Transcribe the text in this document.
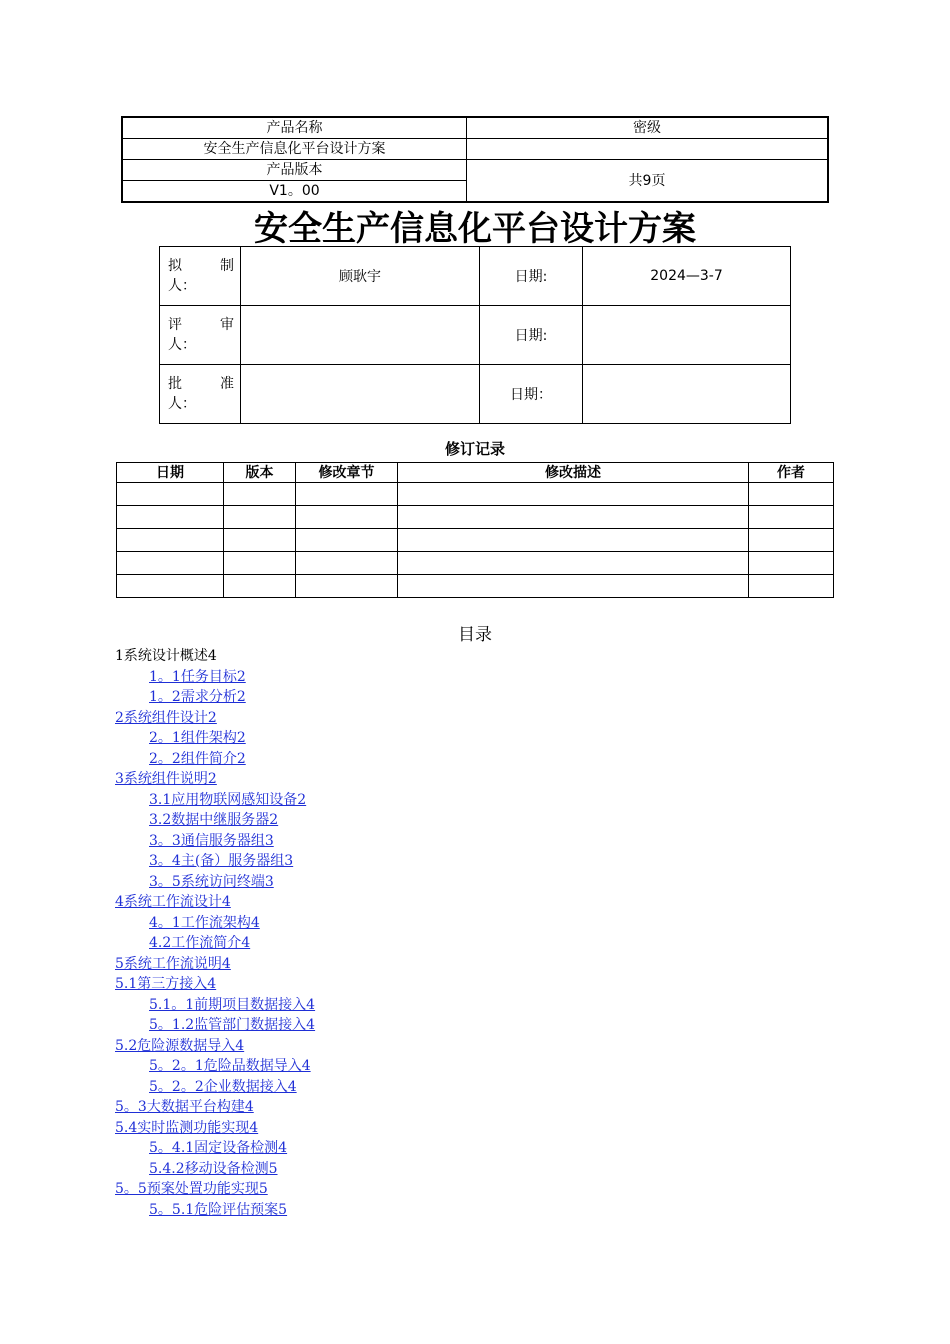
产品名称	密级
安全生产信息化平台设计方案	
产品版本	共9页
V1。00	
安全生产信息化平台设计方案
拟　　制

人：	顾耿宇	日期:	2024—3-7
评　　审

人：		日期:	
批　　准

人：		日期：	
修订记录
日期	版本	修改章节	修改描述	作者

目录
1系统设计概述4
1。1任务目标2
1。2需求分析2
2系统组件设计2
2。1组件架构2
2。2组件简介2
3系统组件说明2
3.1应用物联网感知设备2
3.2数据中继服务器2
3。3通信服务器组3
3。4主(备）服务器组3
3。5系统访问终端3
4系统工作流设计4
4。1工作流架构4
4.2工作流简介4
5系统工作流说明4
5.1第三方接入4
5.1。1前期项目数据接入4
5。1.2监管部门数据接入4
5.2危险源数据导入4
5。2。1危险品数据导入4
5。2。2企业数据接入4
5。3大数据平台构建4
5.4实时监测功能实现4
5。4.1固定设备检测4
5.4.2移动设备检测5
5。5预案处置功能实现5
5。5.1危险评估预案5
